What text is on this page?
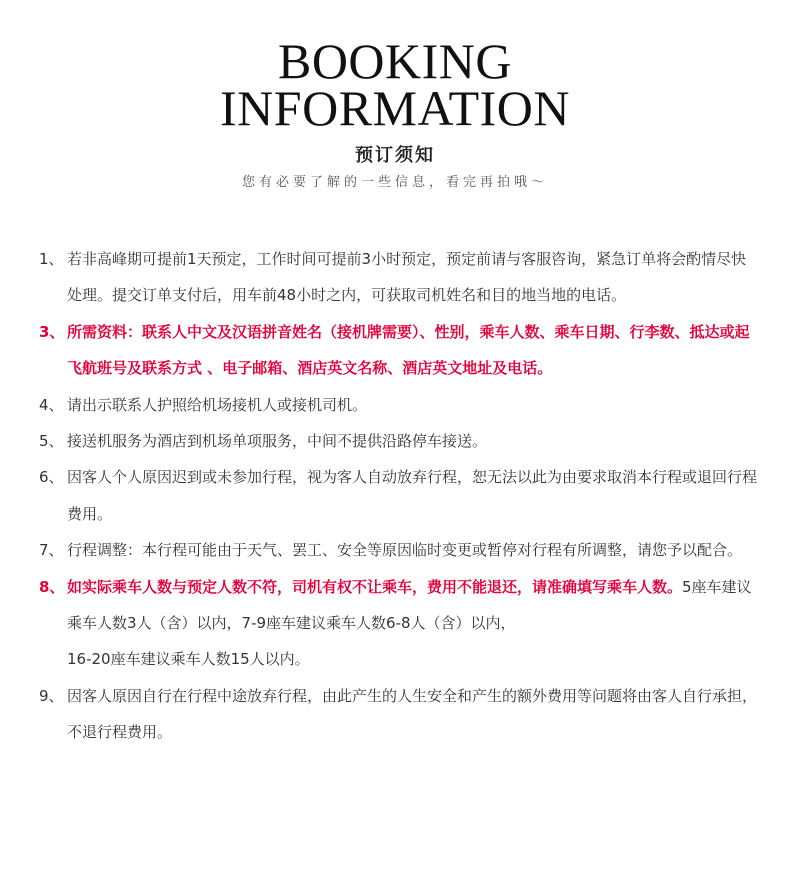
BOOKING
INFORMATION
预订须知
您有必要了解的一些信息，看完再拍哦～
1、 若非高峰期可提前1天预定，工作时间可提前3小时预定，预定前请与客服咨询，紧急订单将会酌情尽快处理。提交订单支付后，用车前48小时之内，可获取司机姓名和目的地当地的电话。

3、 所需资料：联系人中文及汉语拼音姓名（接机牌需要）、性别，乘车人数、乘车日期、行李数、抵达或起飞航班号及联系方式 、电子邮箱、酒店英文名称、酒店英文地址及电话。

4、 请出示联系人护照给机场接机人或接机司机。

5、 接送机服务为酒店到机场单项服务，中间不提供沿路停车接送。

6、 因客人个人原因迟到或未参加行程，视为客人自动放弃行程，恕无法以此为由要求取消本行程或退回行程费用。

7、 行程调整：本行程可能由于天气、罢工、安全等原因临时变更或暂停对行程有所调整，请您予以配合。

8、 如实际乘车人数与预定人数不符，司机有权不让乘车，费用不能退还，请准确填写乘车人数。5座车建议乘车人数3人（含）以内，7-9座车建议乘车人数6-8人（含）以内，
16-20座车建议乘车人数15人以内。

9、 因客人原因自行在行程中途放弃行程，由此产生的人生安全和产生的额外费用等问题将由客人自行承担，不退行程费用。
